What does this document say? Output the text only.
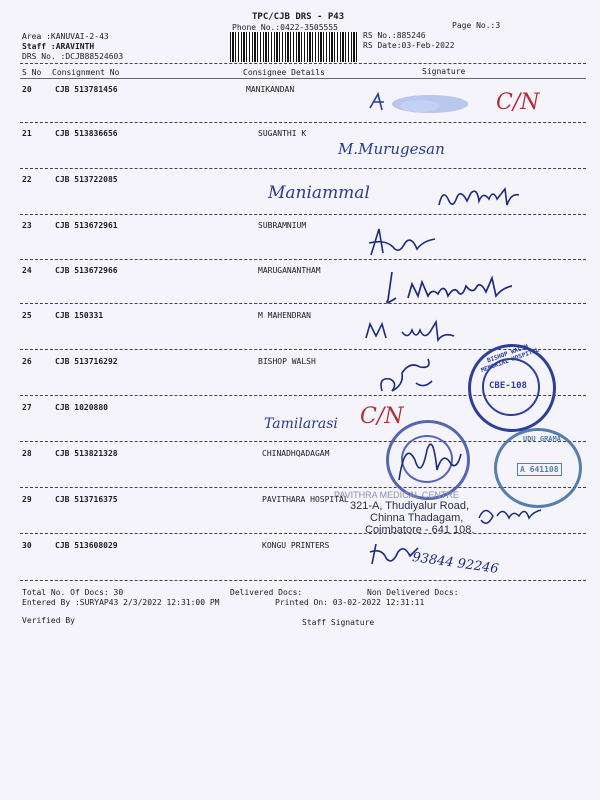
TPC/CJB DRS - P43
Phone No.:0422-3505555	Page No.:3
Area :KANUVAI-2-43
Staff :ARAVINTH
DRS No. :DCJB88524603
RS No.:885246
RS Date:03-Feb-2022
S No Consignment No	Consignee Details	Signature
20	CJB 513781456	MANIKANDAN
21	CJB 513836656	SUGANTHI K
22	CJB 513722085
23	CJB 513672961	SUBRAMNIUM
24	CJB 513672966	MARUGANANTHAM
25	CJB 150331	M MAHENDRAN
26	CJB 513716292	BISHOP WALSH
27	CJB 1020880
28	CJB 513821328	CHINADHQADAGAM
29	CJB 513716375	PAVITHARA HOSPITAL
30	CJB 513608029	KONGU PRINTERS
C/N
M.Murugesan
Maniammal
BISHOP WALSH MEMORIAL HOSPITAL
CBE-108
Tamilarasi C/N
UDU GRAMA
A 641108
PAVITHRA MEDICAL CENTRE
321-A, Thudiyalur Road,
Chinna Thadagam,
Coimbatore - 641 108.
93844 92246
Total No. Of Docs: 30	Delivered Docs:	Non Delivered Docs:
Entered By :SURYAP43 2/3/2022 12:31:00 PM	Printed On: 03-02-2022 12:31:11
Verified By	Staff Signature
